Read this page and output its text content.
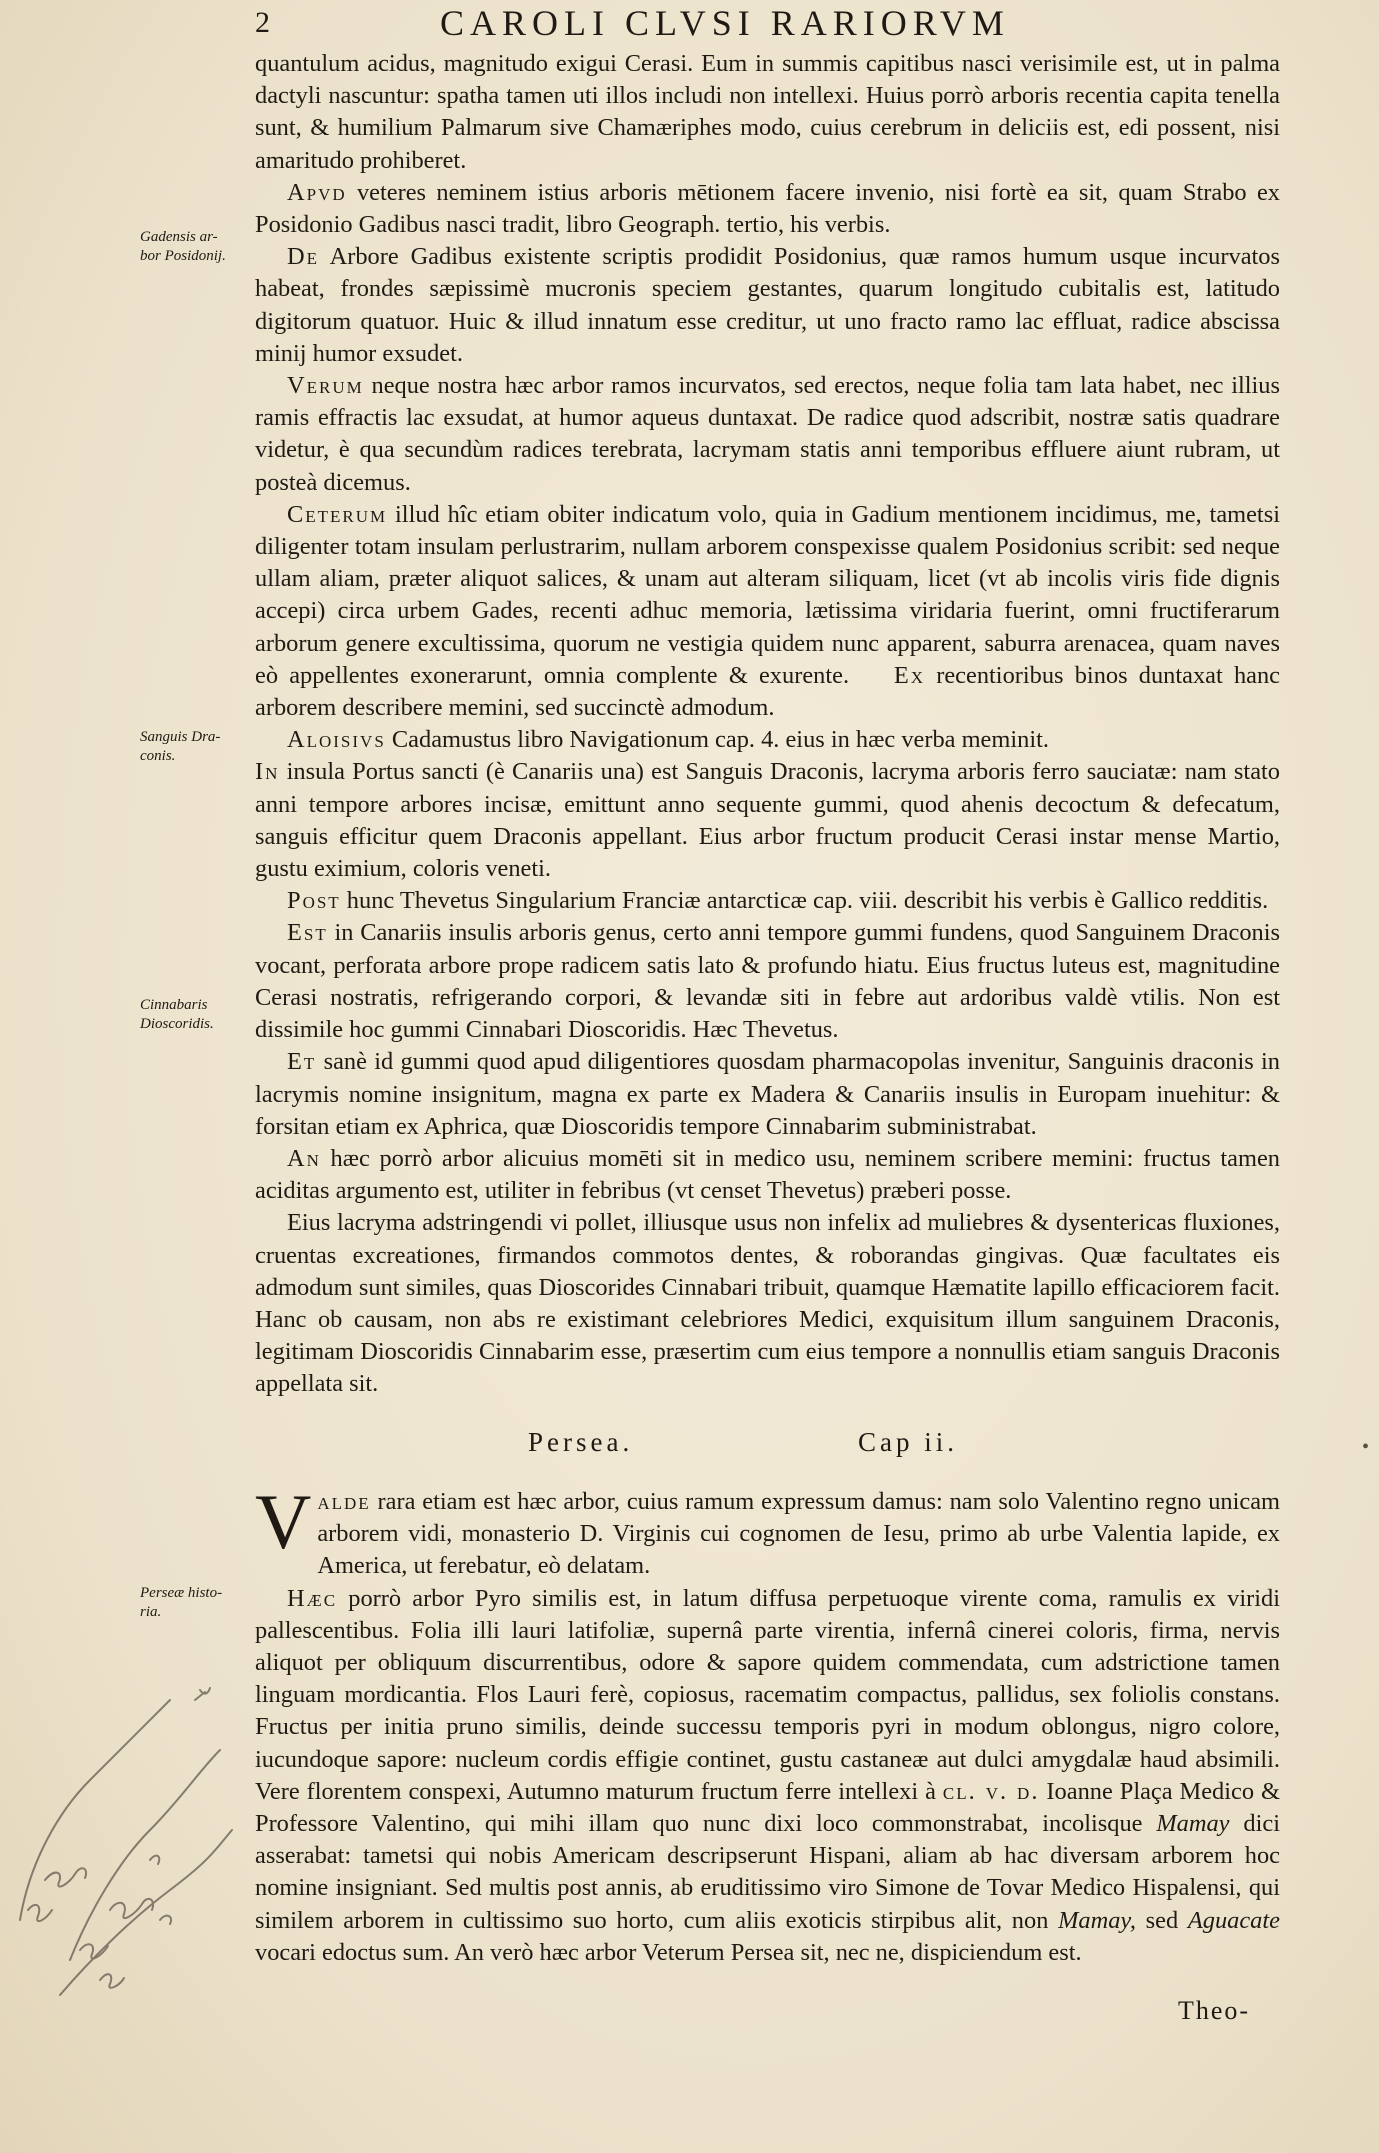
2	CAROLI CLVSI RARIORVM
Gadensis ar-
bor Posidonij.
Sanguis Dra-
conis.
Cinnabaris
Dioscoridis.
Perseæ histo-
ria.

quantulum acidus, magnitudo exigui Cerasi. Eum in summis capitibus nasci verisimile est, ut in palma dactyli nascuntur: spatha tamen uti illos includi non intellexi. Huius porrò arboris recentia capita tenella sunt, & humilium Palmarum sive Chamæriphes modo, cuius cerebrum in deliciis est, edi possent, nisi amaritudo prohiberet.

Apvd veteres neminem istius arboris mētionem facere invenio, nisi fortè ea sit, quam Strabo ex Posidonio Gadibus nasci tradit, libro Geograph. tertio, his verbis.

De Arbore Gadibus existente scriptis prodidit Posidonius, quæ ramos humum usque incurvatos habeat, frondes sæpissimè mucronis speciem gestantes, quarum longitudo cubitalis est, latitudo digitorum quatuor. Huic & illud innatum esse creditur, ut uno fracto ramo lac effluat, radice abscissa minij humor exsudet.

Verum neque nostra hæc arbor ramos incurvatos, sed erectos, neque folia tam lata habet, nec illius ramis effractis lac exsudat, at humor aqueus duntaxat. De radice quod adscribit, nostræ satis quadrare videtur, è qua secundùm radices terebrata, lacrymam statis anni temporibus effluere aiunt rubram, ut posteà dicemus.

Ceterum illud hîc etiam obiter indicatum volo, quia in Gadium mentionem incidimus, me, tametsi diligenter totam insulam perlustrarim, nullam arborem conspexisse qualem Posidonius scribit: sed neque ullam aliam, præter aliquot salices, & unam aut alteram siliquam, licet (vt ab incolis viris fide dignis accepi) circa urbem Gades, recenti adhuc memoria, lætissima viridaria fuerint, omni fructiferarum arborum genere excultissima, quorum ne vestigia quidem nunc apparent, saburra arenacea, quam naves eò appellentes exonerarunt, omnia complente & exurente. Ex recentioribus binos duntaxat hanc arborem describere memini, sed succinctè admodum.

Aloisivs Cadamustus libro Navigationum cap. 4. eius in hæc verba meminit.

In insula Portus sancti (è Canariis una) est Sanguis Draconis, lacryma arboris ferro sauciatæ: nam stato anni tempore arbores incisæ, emittunt anno sequente gummi, quod ahenis decoctum & defecatum, sanguis efficitur quem Draconis appellant. Eius arbor fructum producit Cerasi instar mense Martio, gustu eximium, coloris veneti.

Post hunc Thevetus Singularium Franciæ antarcticæ cap. viii. describit his verbis è Gallico redditis.

Est in Canariis insulis arboris genus, certo anni tempore gummi fundens, quod Sanguinem Draconis vocant, perforata arbore prope radicem satis lato & profundo hiatu. Eius fructus luteus est, magnitudine Cerasi nostratis, refrigerando corpori, & levandæ siti in febre aut ardoribus valdè vtilis. Non est dissimile hoc gummi Cinnabari Dioscoridis. Hæc Thevetus.

Et sanè id gummi quod apud diligentiores quosdam pharmacopolas invenitur, Sanguinis draconis in lacrymis nomine insignitum, magna ex parte ex Madera & Canariis insulis in Europam inuehitur: & forsitan etiam ex Aphrica, quæ Dioscoridis tempore Cinnabarim subministrabat.

An hæc porrò arbor alicuius momēti sit in medico usu, neminem scribere memini: fructus tamen aciditas argumento est, utiliter in febribus (vt censet Thevetus) præberi posse.

Eius lacryma adstringendi vi pollet, illiusque usus non infelix ad muliebres & dysentericas fluxiones, cruentas excreationes, firmandos commotos dentes, & roborandas gingivas. Quæ facultates eis admodum sunt similes, quas Dioscorides Cinnabari tribuit, quamque Hæmatite lapillo efficaciorem facit. Hanc ob causam, non abs re existimant celebriores Medici, exquisitum illum sanguinem Draconis, legitimam Dioscoridis Cinnabarim esse, præsertim cum eius tempore a nonnullis etiam sanguis Draconis appellata sit.

Persea.	Cap ii.	•

Valde rara etiam est hæc arbor, cuius ramum expressum damus: nam solo Valentino regno unicam arborem vidi, monasterio D. Virginis cui cognomen de Iesu, primo ab urbe Valentia lapide, ex America, ut ferebatur, eò delatam.

Hæc porrò arbor Pyro similis est, in latum diffusa perpetuoque virente coma, ramulis ex viridi pallescentibus. Folia illi lauri latifoliæ, supernâ parte virentia, infernâ cinerei coloris, firma, nervis aliquot per obliquum discurrentibus, odore & sapore quidem commendata, cum adstrictione tamen linguam mordicantia. Flos Lauri ferè, copiosus, racematim compactus, pallidus, sex foliolis constans. Fructus per initia pruno similis, deinde successu temporis pyri in modum oblongus, nigro colore, iucundoque sapore: nucleum cordis effigie continet, gustu castaneæ aut dulci amygdalæ haud absimili. Vere florentem conspexi, Autumno maturum fructum ferre intellexi à cl. v. d. Ioanne Plaça Medico & Professore Valentino, qui mihi illam quo nunc dixi loco commonstrabat, incolisque Mamay dici asserabat: tametsi qui nobis Americam descripserunt Hispani, aliam ab hac diversam arborem hoc nomine insigniant. Sed multis post annis, ab eruditissimo viro Simone de Tovar Medico Hispalensi, qui similem arborem in cultissimo suo horto, cum aliis exoticis stirpibus alit, non Mamay, sed Aguacate vocari edoctus sum. An verò hæc arbor Veterum Persea sit, nec ne, dispiciendum est.

Theo-
